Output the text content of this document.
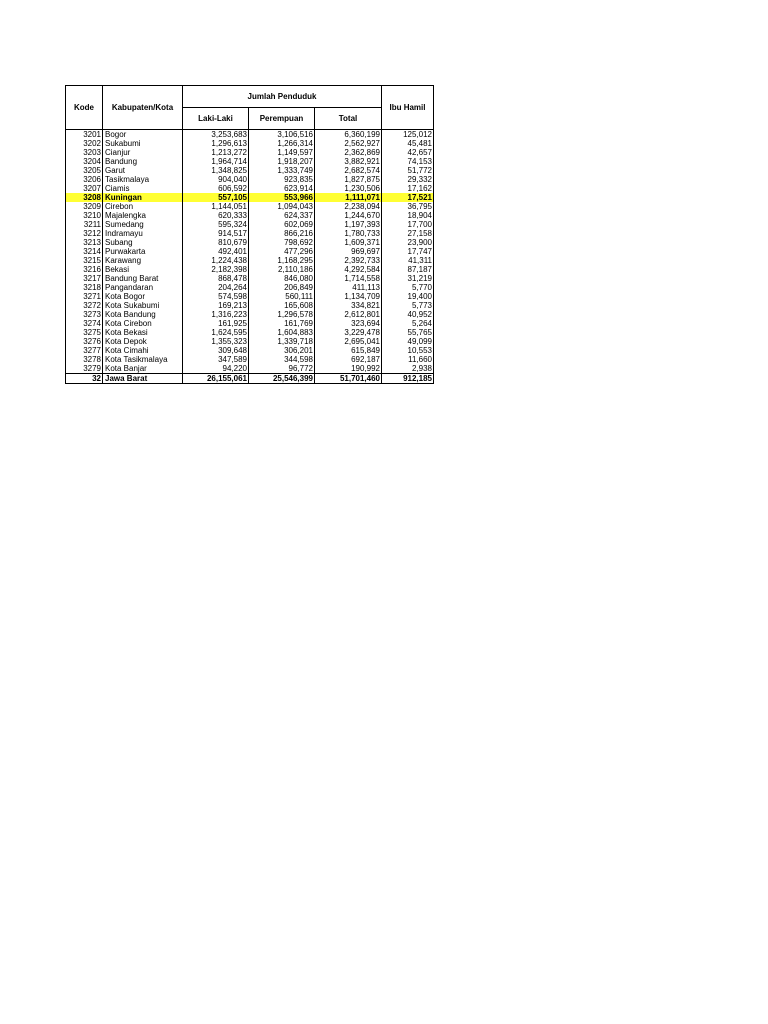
Kode	Kabupaten/Kota	Jumlah Penduduk			Ibu Hamil
		Laki-Laki	Perempuan	Total	
3201	Bogor	3,253,683	3,106,516	6,360,199	125,012
3202	Sukabumi	1,296,613	1,266,314	2,562,927	45,481
3203	Cianjur	1,213,272	1,149,597	2,362,869	42,657
3204	Bandung	1,964,714	1,918,207	3,882,921	74,153
3205	Garut	1,348,825	1,333,749	2,682,574	51,772
3206	Tasikmalaya	904,040	923,835	1,827,875	29,332
3207	Ciamis	606,592	623,914	1,230,506	17,162
3208	Kuningan	557,105	553,966	1,111,071	17,521
3209	Cirebon	1,144,051	1,094,043	2,238,094	36,795
3210	Majalengka	620,333	624,337	1,244,670	18,904
3211	Sumedang	595,324	602,069	1,197,393	17,700
3212	Indramayu	914,517	866,216	1,780,733	27,158
3213	Subang	810,679	798,692	1,609,371	23,900
3214	Purwakarta	492,401	477,296	969,697	17,747
3215	Karawang	1,224,438	1,168,295	2,392,733	41,311
3216	Bekasi	2,182,398	2,110,186	4,292,584	87,187
3217	Bandung Barat	868,478	846,080	1,714,558	31,219
3218	Pangandaran	204,264	206,849	411,113	5,770
3271	Kota Bogor	574,598	560,111	1,134,709	19,400
3272	Kota Sukabumi	169,213	165,608	334,821	5,773
3273	Kota Bandung	1,316,223	1,296,578	2,612,801	40,952
3274	Kota Cirebon	161,925	161,769	323,694	5,264
3275	Kota Bekasi	1,624,595	1,604,883	3,229,478	55,765
3276	Kota Depok	1,355,323	1,339,718	2,695,041	49,099
3277	Kota Cimahi	309,648	306,201	615,849	10,553
3278	Kota Tasikmalaya	347,589	344,598	692,187	11,660
3279	Kota Banjar	94,220	96,772	190,992	2,938
32	Jawa Barat	26,155,061	25,546,399	51,701,460	912,185
